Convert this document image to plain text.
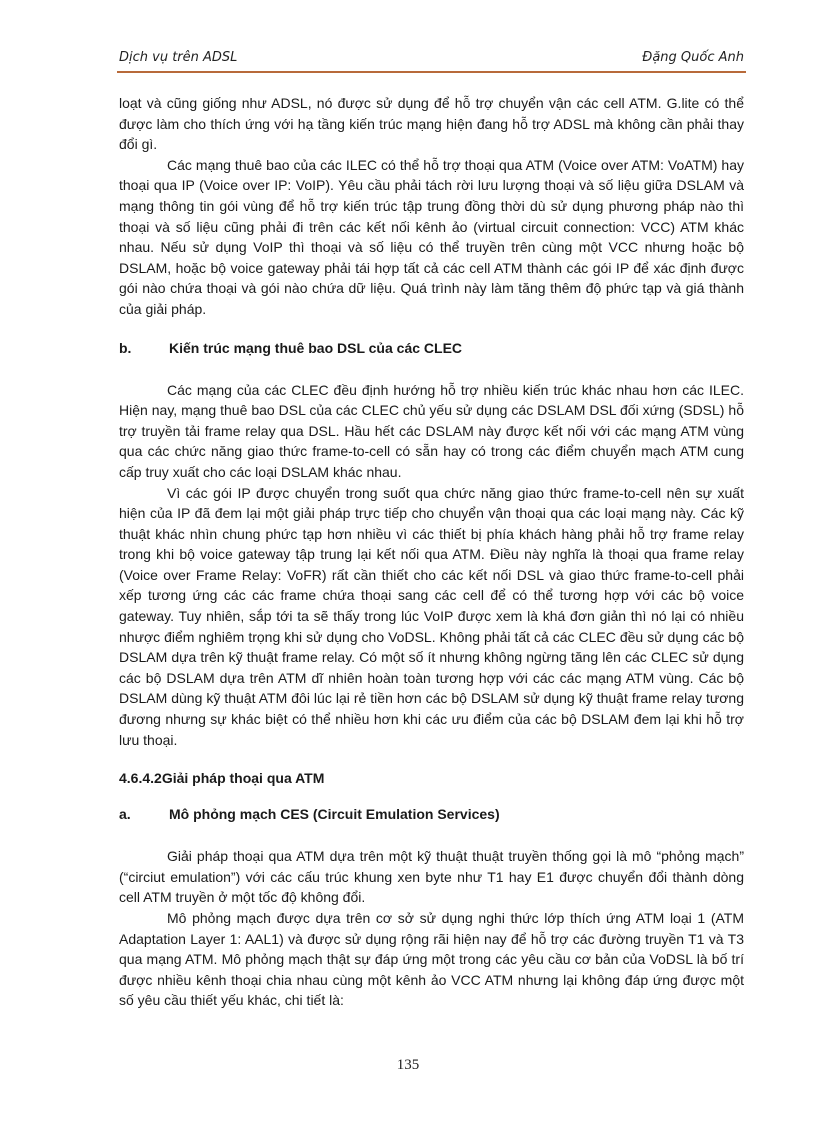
Dịch vụ trên ADSL	Đặng Quốc Anh

loạt và cũng giống như ADSL, nó được sử dụng để hỗ trợ chuyển vận các cell ATM. G.lite có thể được làm cho thích ứng với hạ tầng kiến trúc mạng hiện đang hỗ trợ ADSL mà không cần phải thay đổi gì.

Các mạng thuê bao của các ILEC có thể hỗ trợ thoại qua ATM (Voice over ATM: VoATM) hay thoại qua IP (Voice over IP: VoIP). Yêu cầu phải tách rời lưu lượng thoại và số liệu giữa DSLAM và mạng thông tin gói vùng để hỗ trợ kiến trúc tập trung đồng thời dù sử dụng phương pháp nào thì thoại và số liệu cũng phải đi trên các kết nối kênh ảo (virtual circuit connection: VCC) ATM khác nhau. Nếu sử dụng VoIP thì thoại và số liệu có thể truyền trên cùng một VCC nhưng hoặc bộ DSLAM, hoặc bộ voice gateway phải tái hợp tất cả các cell ATM thành các gói IP để xác định được gói nào chứa thoại và gói nào chứa dữ liệu. Quá trình này làm tăng thêm độ phức tạp và giá thành của giải pháp.

b.	Kiến trúc mạng thuê bao DSL của các CLEC

Các mạng của các CLEC đều định hướng hỗ trợ nhiều kiến trúc khác nhau hơn các ILEC. Hiện nay, mạng thuê bao DSL của các CLEC chủ yếu sử dụng các DSLAM DSL đối xứng (SDSL) hỗ trợ truyền tải frame relay qua DSL. Hầu hết các DSLAM này được kết nối với các mạng ATM vùng qua các chức năng giao thức frame-to-cell có sẵn hay có trong các điểm chuyển mạch ATM cung cấp truy xuất cho các loại DSLAM khác nhau.

Vì các gói IP được chuyển trong suốt qua chức năng giao thức frame-to-cell nên sự xuất hiện của IP đã đem lại một giải pháp trực tiếp cho chuyển vận thoại qua các loại mạng này. Các kỹ thuật khác nhìn chung phức tạp hơn nhiều vì các thiết bị phía khách hàng phải hỗ trợ frame relay trong khi bộ voice gateway tập trung lại kết nối qua ATM. Điều này nghĩa là thoại qua frame relay (Voice over Frame Relay: VoFR) rất cần thiết cho các kết nối DSL và giao thức frame-to-cell phải xếp tương ứng các các frame chứa thoại sang các cell để có thể tương hợp với các bộ voice gateway. Tuy nhiên, sắp tới ta sẽ thấy trong lúc VoIP được xem là khá đơn giản thì nó lại có nhiều nhược điểm nghiêm trọng khi sử dụng cho VoDSL. Không phải tất cả các CLEC đều sử dụng các bộ DSLAM dựa trên kỹ thuật frame relay. Có một số ít nhưng không ngừng tăng lên các CLEC sử dụng các bộ DSLAM dựa trên ATM dĩ nhiên hoàn toàn tương hợp với các các mạng ATM vùng. Các bộ DSLAM dùng kỹ thuật ATM đôi lúc lại rẻ tiền hơn các bộ DSLAM sử dụng kỹ thuật frame relay tương đương nhưng sự khác biệt có thể nhiều hơn khi các ưu điểm của các bộ DSLAM đem lại khi hỗ trợ lưu thoại.

4.6.4.2 Giải pháp thoại qua ATM
a.	Mô phỏng mạch CES (Circuit Emulation Services)

Giải pháp thoại qua ATM dựa trên một kỹ thuật thuật truyền thống gọi là mô “phỏng mạch” (“circiut emulation”) với các cấu trúc khung xen byte như T1 hay E1 được chuyển đổi thành dòng cell ATM truyền ở một tốc độ không đổi.

Mô phỏng mạch được dựa trên cơ sở sử dụng nghi thức lớp thích ứng ATM loại 1 (ATM Adaptation Layer 1: AAL1) và được sử dụng rộng rãi hiện nay để hỗ trợ các đường truyền T1 và T3 qua mạng ATM. Mô phỏng mạch thật sự đáp ứng một trong các yêu cầu cơ bản của VoDSL là bố trí được nhiều kênh thoại chia nhau cùng một kênh ảo VCC ATM nhưng lại không đáp ứng được một số yêu cầu thiết yếu khác, chi tiết là:

135
